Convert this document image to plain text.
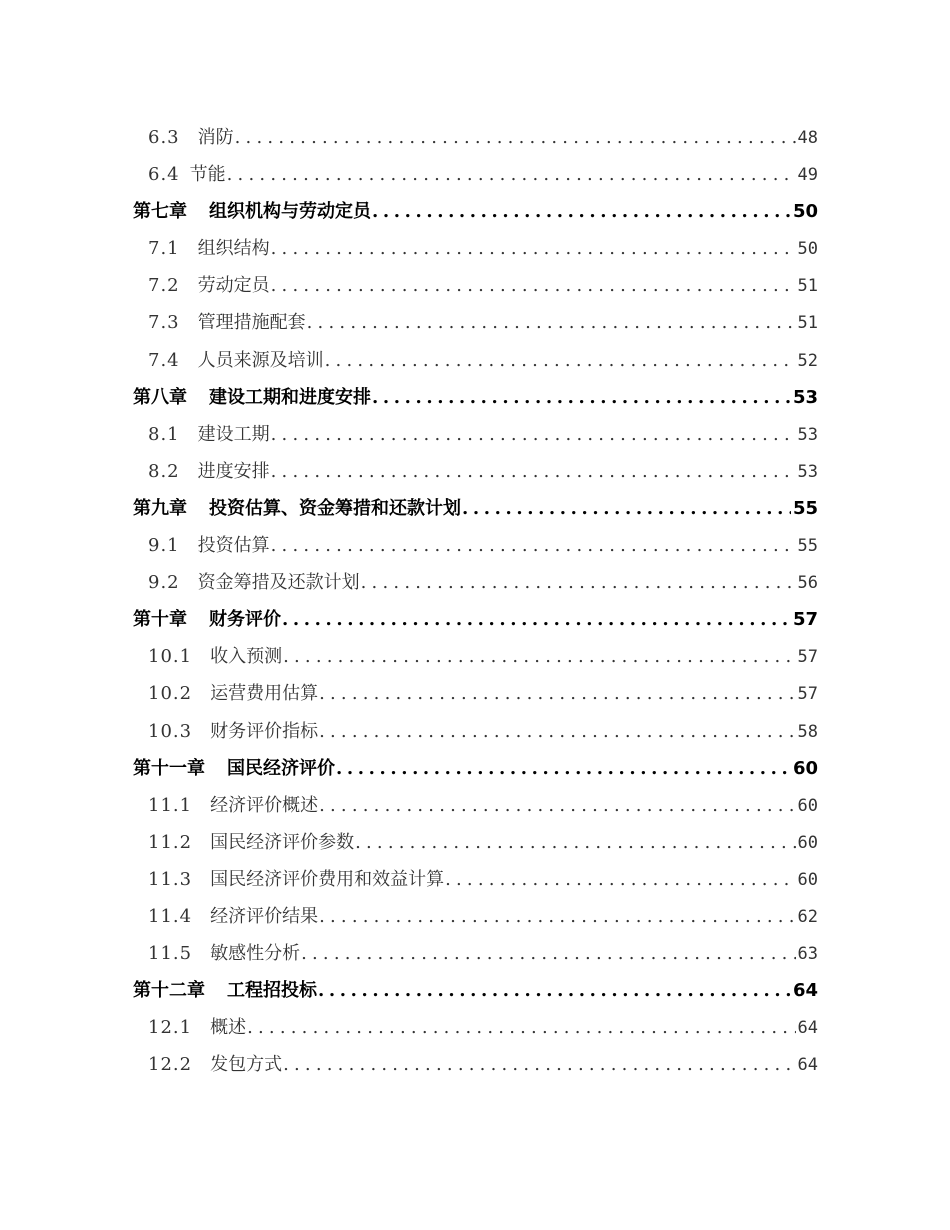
6.3 消防 .....	48
6.4 节能 .....	49
第七章 组织机构与劳动定员 .....	50
7.1 组织结构 .....	50
7.2 劳动定员 .....	51
7.3 管理措施配套 .....	51
7.4 人员来源及培训 .....	52
第八章 建设工期和进度安排 .....	53
8.1 建设工期 .....	53
8.2 进度安排 .....	53
第九章 投资估算、资金筹措和还款计划 .....	55
9.1 投资估算 .....	55
9.2 资金筹措及还款计划 .....	56
第十章 财务评价 .....	57
10.1 收入预测 .....	57
10.2 运营费用估算 .....	57
10.3 财务评价指标 .....	58
第十一章 国民经济评价 .....	60
11.1 经济评价概述 .....	60
11.2 国民经济评价参数 .....	60
11.3 国民经济评价费用和效益计算 .....	60
11.4 经济评价结果 .....	62
11.5 敏感性分析 .....	63
第十二章 工程招投标 .....	64
12.1 概述 .....	64
12.2 发包方式 .....	64
